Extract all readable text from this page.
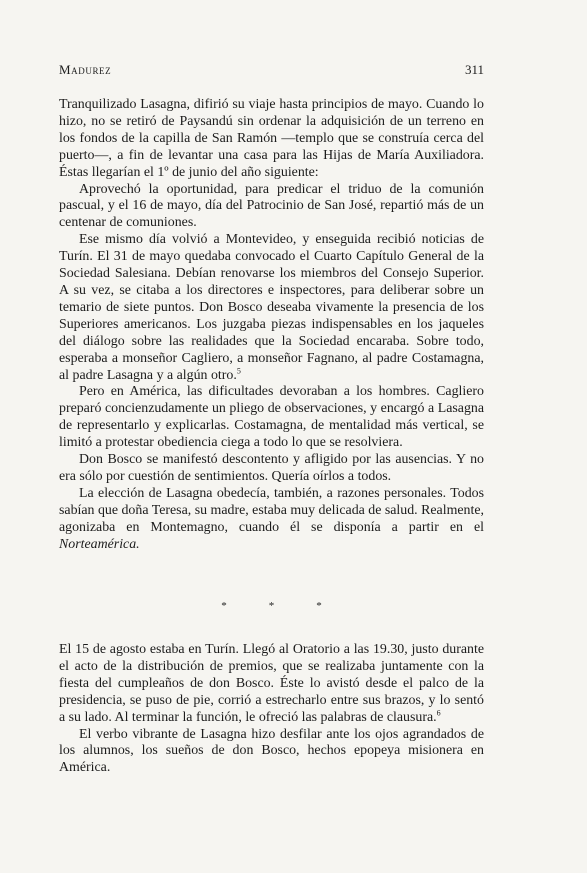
Madurez	311

Tranquilizado Lasagna, difirió su viaje hasta principios de mayo. Cuando lo hizo, no se retiró de Paysandú sin ordenar la adquisición de un terreno en los fondos de la capilla de San Ramón —templo que se construía cerca del puerto—, a fin de levantar una casa para las Hijas de María Auxiliadora. Éstas llegarían el 1º de junio del año siguiente:

Aprovechó la oportunidad, para predicar el triduo de la comunión pascual, y el 16 de mayo, día del Patrocinio de San José, repartió más de un centenar de comuniones.

Ese mismo día volvió a Montevideo, y enseguida recibió noticias de Turín. El 31 de mayo quedaba convocado el Cuarto Capítulo General de la Sociedad Salesiana. Debían renovarse los miembros del Consejo Superior. A su vez, se citaba a los directores e inspectores, para deliberar sobre un temario de siete puntos. Don Bosco deseaba vivamente la presencia de los Superiores americanos. Los juzgaba piezas indispensables en los jaqueles del diálogo sobre las realidades que la Sociedad encaraba. Sobre todo, esperaba a monseñor Cagliero, a monseñor Fagnano, al padre Costamagna, al padre Lasagna y a algún otro.$^5$

Pero en América, las dificultades devoraban a los hombres. Cagliero preparó concienzudamente un pliego de observaciones, y encargó a Lasagna de representarlo y explicarlas. Costamagna, de mentalidad más vertical, se limitó a protestar obediencia ciega a todo lo que se resolviera.

Don Bosco se manifestó descontento y afligido por las ausencias. Y no era sólo por cuestión de sentimientos. Quería oírlos a todos.

La elección de Lasagna obedecía, también, a razones personales. Todos sabían que doña Teresa, su madre, estaba muy delicada de salud. Realmente, agonizaba en Montemagno, cuando él se disponía a partir en el Norteamérica.

*	*	*

El 15 de agosto estaba en Turín. Llegó al Oratorio a las 19.30, justo durante el acto de la distribución de premios, que se realizaba juntamente con la fiesta del cumpleaños de don Bosco. Éste lo avistó desde el palco de la presidencia, se puso de pie, corrió a estrecharlo entre sus brazos, y lo sentó a su lado. Al terminar la función, le ofreció las palabras de clausura.$^6$

El verbo vibrante de Lasagna hizo desfilar ante los ojos agrandados de los alumnos, los sueños de don Bosco, hechos epopeya misionera en América.
